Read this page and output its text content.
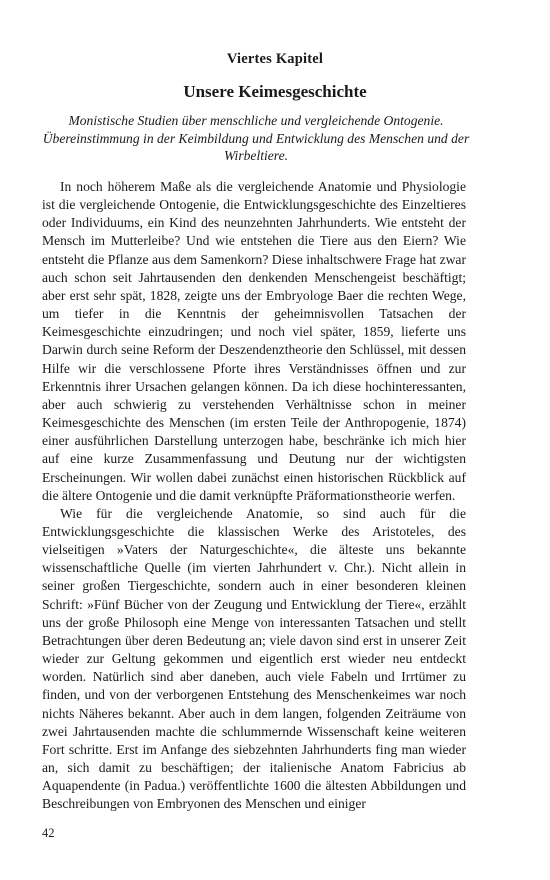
Viertes Kapitel
Unsere Keimesgeschichte
Monistische Studien über menschliche und vergleichende Ontogenie. Übereinstimmung in der Keimbildung und Entwicklung des Menschen und der Wirbeltiere.

In noch höherem Maße als die vergleichende Anatomie und Physiologie ist die vergleichende Ontogenie, die Entwicklungsgeschichte des Einzeltieres oder Individuums, ein Kind des neunzehnten Jahrhunderts. Wie entsteht der Mensch im Mutterleibe? Und wie entstehen die Tiere aus den Eiern? Wie entsteht die Pflanze aus dem Samenkorn? Diese inhaltschwere Frage hat zwar auch schon seit Jahrtausenden den denkenden Menschengeist beschäftigt; aber erst sehr spät, 1828, zeigte uns der Embryologe Baer die rechten Wege, um tiefer in die Kenntnis der geheimnisvollen Tatsachen der Keimesgeschichte einzudringen; und noch viel später, 1859, lieferte uns Darwin durch seine Reform der Deszendenztheorie den Schlüssel, mit dessen Hilfe wir die verschlossene Pforte ihres Verständnisses öffnen und zur Erkenntnis ihrer Ursachen gelangen können. Da ich diese hochinteressanten, aber auch schwierig zu verstehenden Verhältnisse schon in meiner Keimesgeschichte des Menschen (im ersten Teile der Anthropogenie, 1874) einer ausführlichen Darstellung unterzogen habe, beschränke ich mich hier auf eine kurze Zusammenfassung und Deutung nur der wichtigsten Erscheinungen. Wir wollen dabei zunächst einen historischen Rückblick auf die ältere Ontogenie und die damit verknüpfte Präformationstheorie werfen.

Wie für die vergleichende Anatomie, so sind auch für die Entwicklungsgeschichte die klassischen Werke des Aristoteles, des vielseitigen »Vaters der Naturgeschichte«, die älteste uns bekannte wissenschaftliche Quelle (im vierten Jahrhundert v. Chr.). Nicht allein in seiner großen Tiergeschichte, sondern auch in einer besonderen kleinen Schrift: »Fünf Bücher von der Zeugung und Entwicklung der Tiere«, erzählt uns der große Philosoph eine Menge von interessanten Tatsachen und stellt Betrachtungen über deren Bedeutung an; viele davon sind erst in unserer Zeit wieder zur Geltung gekommen und eigentlich erst wieder neu entdeckt worden. Natürlich sind aber daneben, auch viele Fabeln und Irrtümer zu finden, und von der verborgenen Entstehung des Menschenkeimes war noch nichts Näheres bekannt. Aber auch in dem langen, folgenden Zeiträume von zwei Jahrtausenden machte die schlummernde Wissenschaft keine weiteren Fort schritte. Erst im Anfange des siebzehnten Jahrhunderts fing man wieder an, sich damit zu beschäftigen; der italienische Anatom Fabricius ab Aquapendente (in Padua.) veröffentlichte 1600 die ältesten Abbildungen und Beschreibungen von Embryonen des Menschen und einiger

42
